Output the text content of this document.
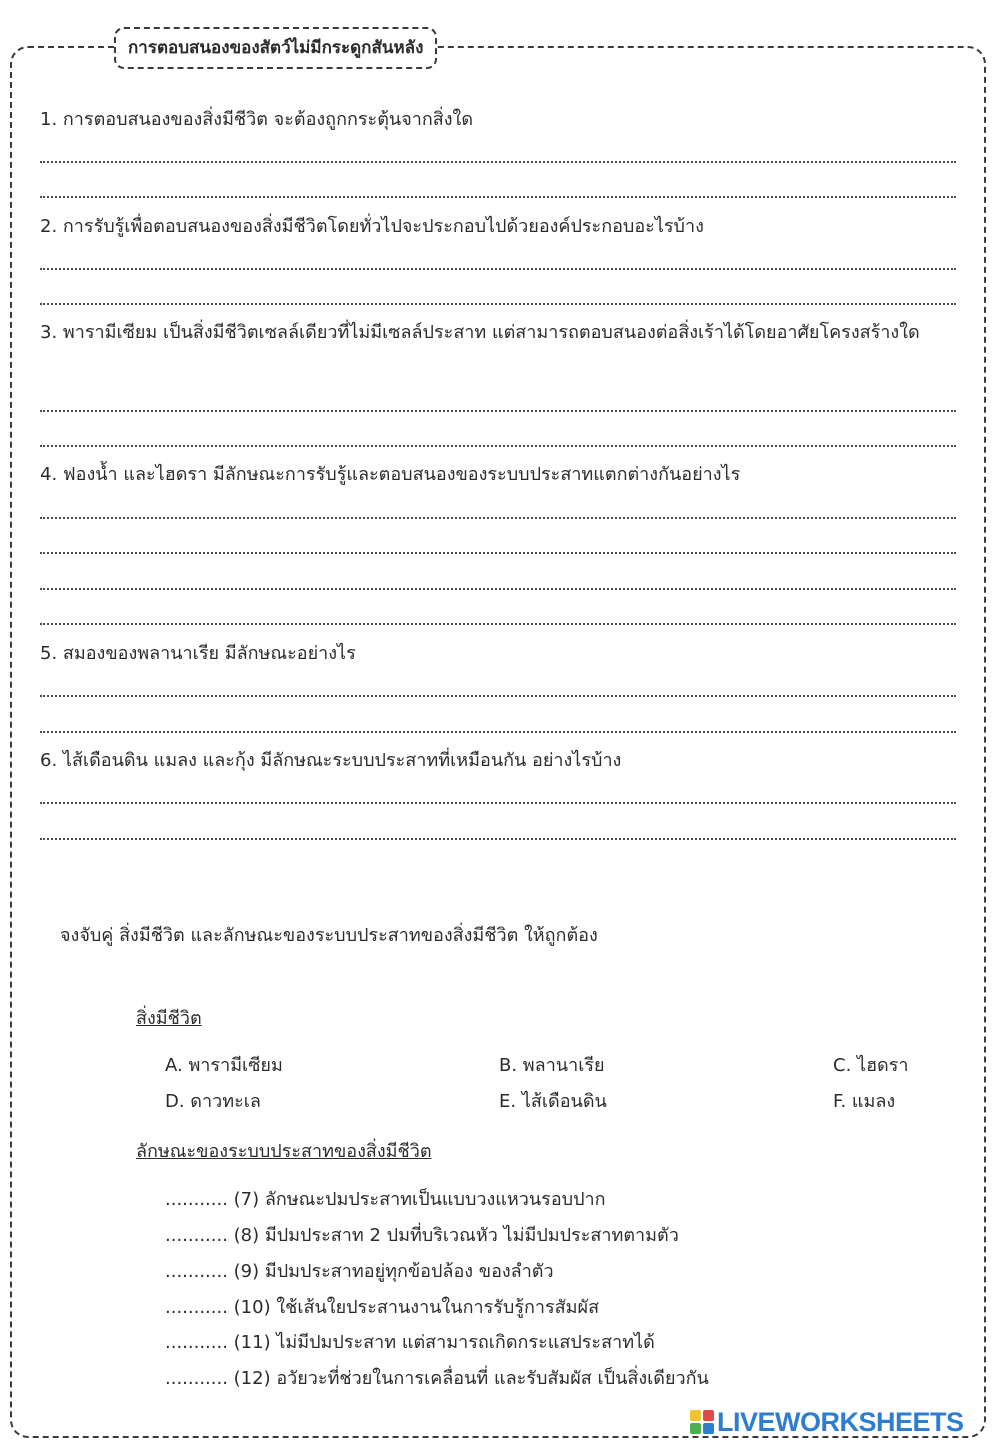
การตอบสนองของสัตว์ไม่มีกระดูกสันหลัง
1. การตอบสนองของสิ่งมีชีวิต จะต้องถูกกระตุ้นจากสิ่งใด
2. การรับรู้เพื่อตอบสนองของสิ่งมีชีวิตโดยทั่วไปจะประกอบไปด้วยองค์ประกอบอะไรบ้าง
3. พารามีเซียม เป็นสิ่งมีชีวิตเซลล์เดียวที่ไม่มีเซลล์ประสาท แต่สามารถตอบสนองต่อสิ่งเร้าได้โดยอาศัยโครงสร้างใด
4. ฟองน้ำ และไฮดรา มีลักษณะการรับรู้และตอบสนองของระบบประสาทแตกต่างกันอย่างไร
5. สมองของพลานาเรีย มีลักษณะอย่างไร
6. ไส้เดือนดิน แมลง และกุ้ง มีลักษณะระบบประสาทที่เหมือนกัน อย่างไรบ้าง
จงจับคู่ สิ่งมีชีวิต และลักษณะของระบบประสาทของสิ่งมีชีวิต ให้ถูกต้อง
สิ่งมีชีวิต
A. พารามีเซียม	B. พลานาเรีย	C. ไฮดรา
D. ดาวทะเล	E. ไส้เดือนดิน	F. แมลง
ลักษณะของระบบประสาทของสิ่งมีชีวิต
........... (7) ลักษณะปมประสาทเป็นแบบวงแหวนรอบปาก
........... (8) มีปมประสาท 2 ปมที่บริเวณหัว ไม่มีปมประสาทตามตัว
........... (9) มีปมประสาทอยู่ทุกข้อปล้อง ของลำตัว
........... (10) ใช้เส้นใยประสานงานในการรับรู้การสัมผัส
........... (11) ไม่มีปมประสาท แต่สามารถเกิดกระแสประสาทได้
........... (12) อวัยวะที่ช่วยในการเคลื่อนที่ และรับสัมผัส เป็นสิ่งเดียวกัน
LIVEWORKSHEETS
